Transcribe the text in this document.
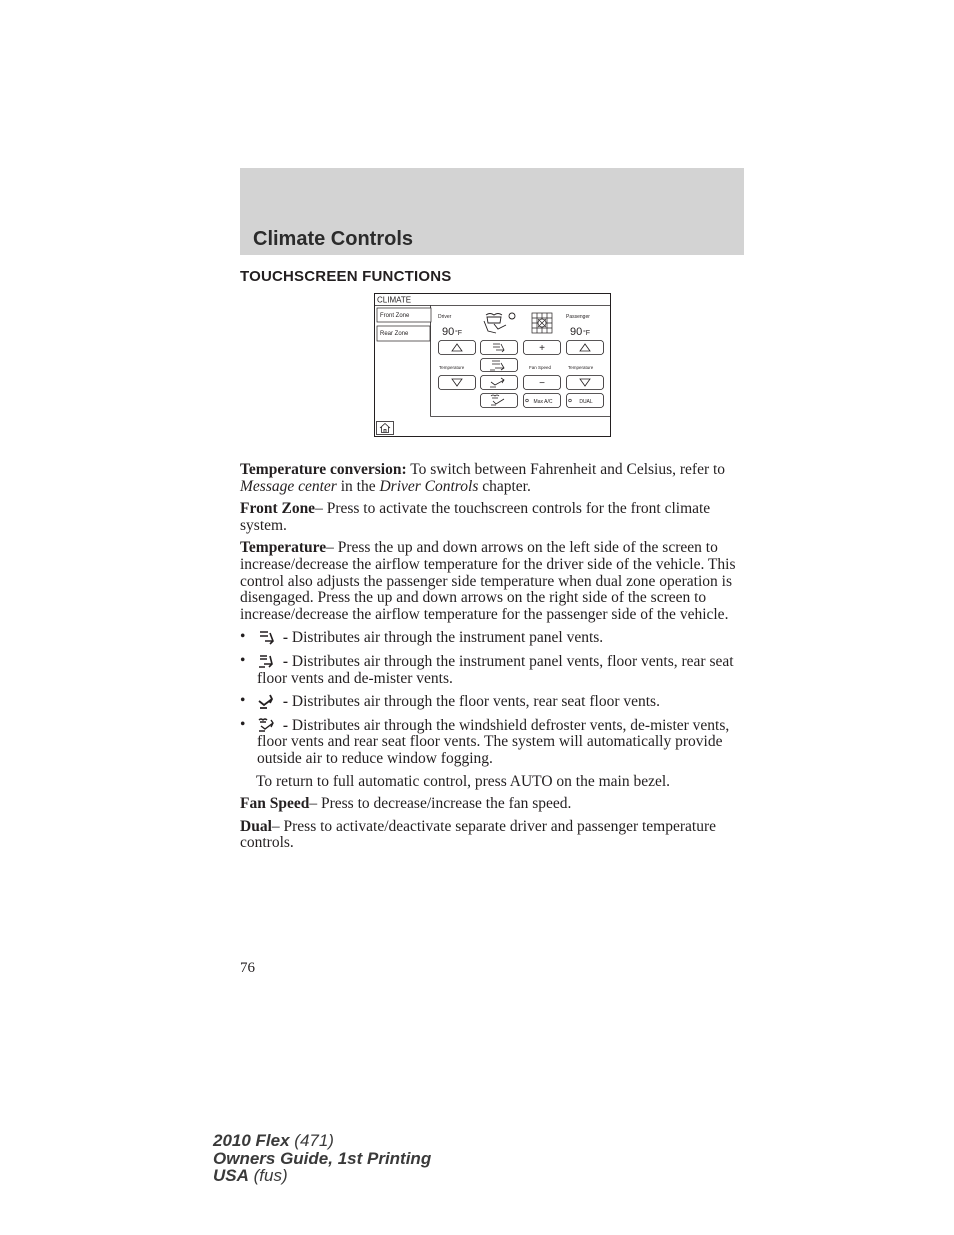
Climate Controls
TOUCHSCREEN FUNCTIONS
CLIMATE
Front Zone
Rear Zone
Driver	Passenger
90 °F	90 °F
+
Temperature	Fan Speed	Temperature
−
Max A/C	DUAL

Temperature conversion: To switch between Fahrenheit and Celsius, refer to Message center in the Driver Controls chapter.

Front Zone– Press to activate the touchscreen controls for the front climate system.

Temperature– Press the up and down arrows on the left side of the screen to increase/decrease the airflow temperature for the driver side of the vehicle. This control also adjusts the passenger side temperature when dual zone operation is disengaged. Press the up and down arrows on the right side of the screen to increase/decrease the airflow temperature for the passenger side of the vehicle.

• - Distributes air through the instrument panel vents.
• - Distributes air through the instrument panel vents, floor vents, rear seat floor vents and de-mister vents.
• - Distributes air through the floor vents, rear seat floor vents.
• - Distributes air through the windshield defroster vents, de-mister vents, floor vents and rear seat floor vents. The system will automatically provide outside air to reduce window fogging.

To return to full automatic control, press AUTO on the main bezel.

Fan Speed– Press to decrease/increase the fan speed.

Dual– Press to activate/deactivate separate driver and passenger temperature controls.

76
2010 Flex (471)
Owners Guide, 1st Printing
USA (fus)
